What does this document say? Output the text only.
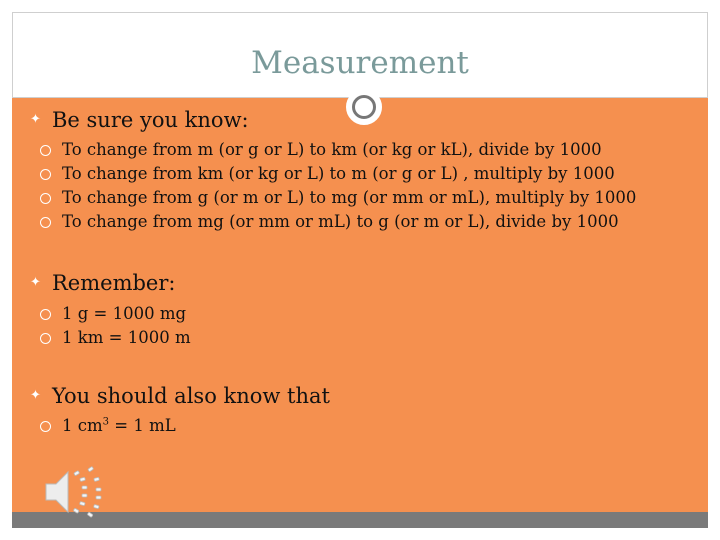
Measurement
✦ Be sure you know:
To change from m (or g or L) to km (or kg or kL), divide by 1000
To change from km (or kg or L) to m (or g or L) , multiply by 1000
To change from g (or m or L) to mg (or mm or mL), multiply by 1000
To change from mg (or mm or mL) to g (or m or L), divide by 1000
✦ Remember:
1 g = 1000 mg
1 km = 1000 m
✦ You should also know that
1 $cm^3 = 1$ mL
